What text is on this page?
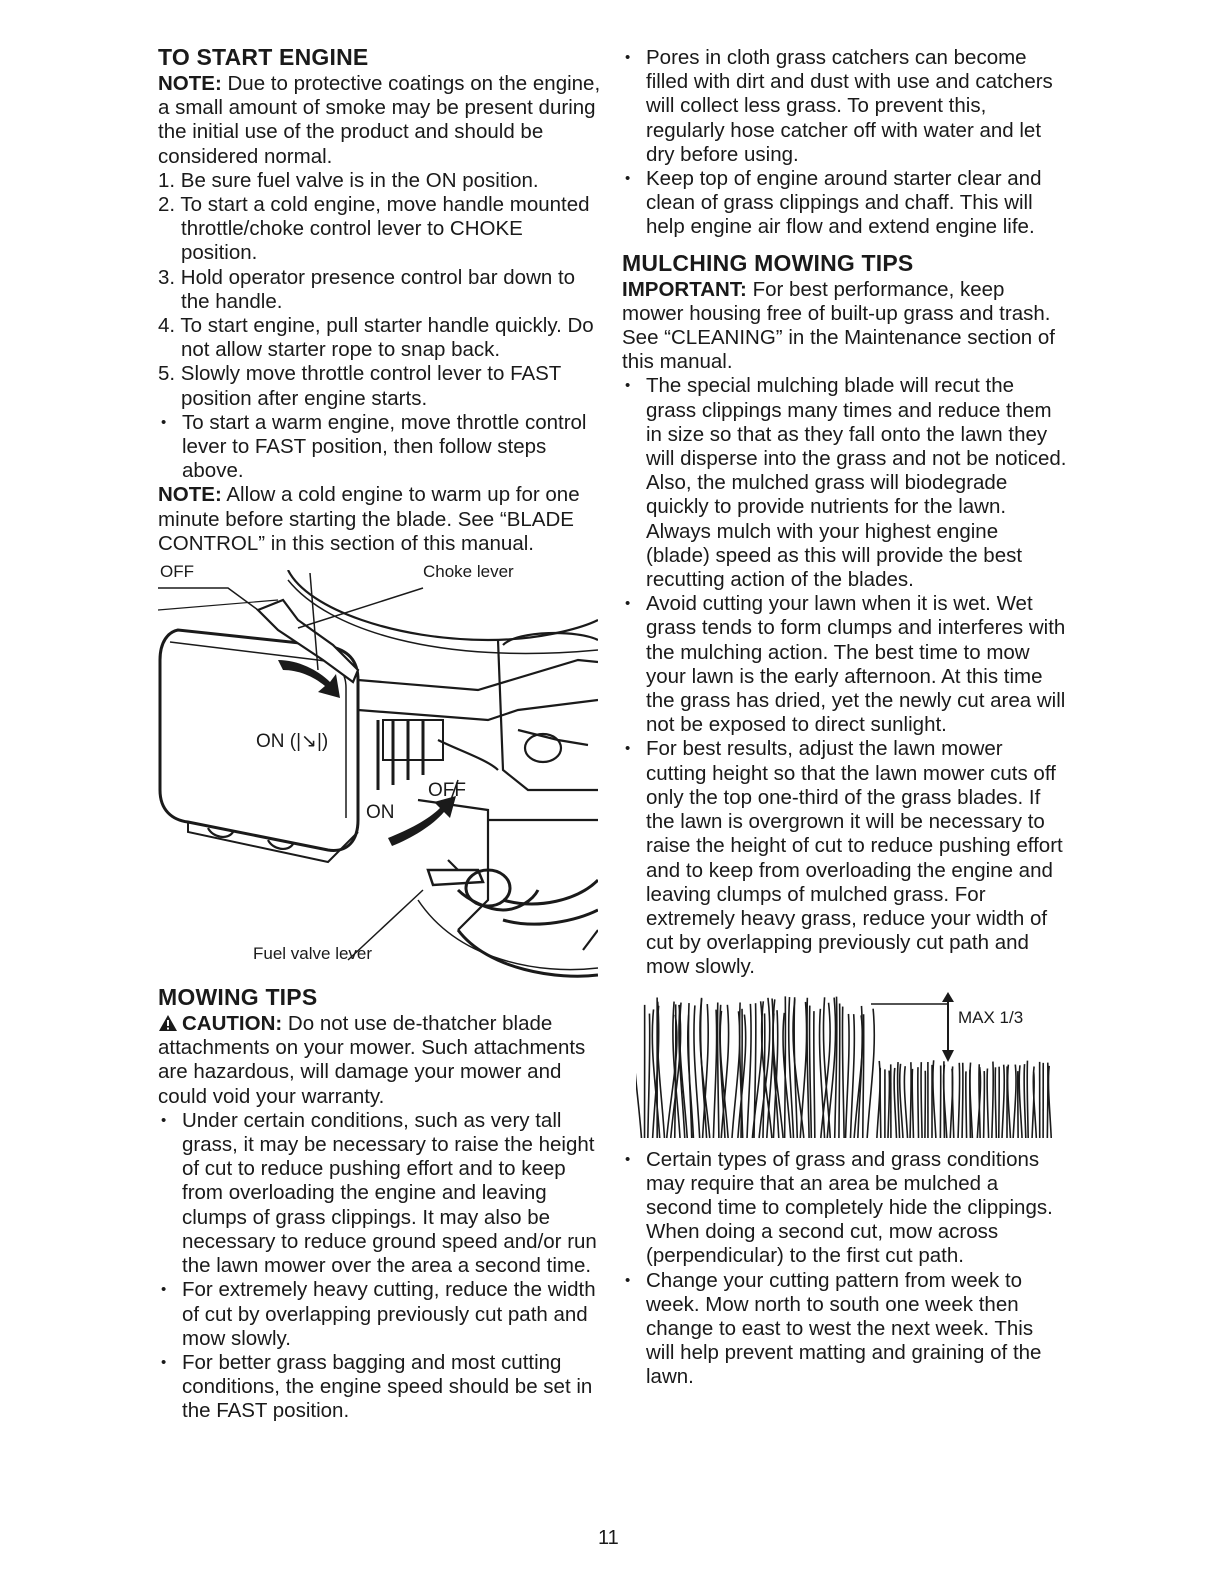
TO START ENGINE

NOTE: Due to protective coatings on the engine, a small amount of smoke may be present during the initial use of the product and should be considered normal.

1. Be sure fuel valve is in the ON position.
2. To start a cold engine, move handle mounted throttle/choke control lever to CHOKE position.
3. Hold operator presence control bar down to the handle.
4. To start engine, pull starter handle quickly. Do not allow starter rope to snap back.
5. Slowly move throttle control lever to FAST position after engine starts.
• To start a warm engine, move throttle control lever to FAST position, then follow steps above.

NOTE: Allow a cold engine to warm up for one minute before starting the blade. See “BLADE CONTROL” in this section of this manual.

OFF	Choke lever
ON (|↘|)
OFF
ON
Fuel valve lever
MOWING TIPS

CAUTION: Do not use de-thatcher blade attachments on your mower. Such attachments are hazardous, will damage your mower and could void your warranty.

• Under certain conditions, such as very tall grass, it may be necessary to raise the height of cut to reduce pushing effort and to keep from overloading the engine and leaving clumps of grass clippings. It may also be necessary to reduce ground speed and/or run the lawn mower over the area a second time.
• For extremely heavy cutting, reduce the width of cut by overlapping previously cut path and mow slowly.
• For better grass bagging and most cutting conditions, the engine speed should be set in the FAST position.
• Pores in cloth grass catchers can become filled with dirt and dust with use and catchers will collect less grass. To prevent this, regularly hose catcher off with water and let dry before using.
• Keep top of engine around starter clear and clean of grass clippings and chaff. This will help engine air flow and extend engine life.
MULCHING MOWING TIPS

IMPORTANT: For best performance, keep mower housing free of built-up grass and trash. See “CLEANING” in the Maintenance section of this manual.

• The special mulching blade will recut the grass clippings many times and reduce them in size so that as they fall onto the lawn they will disperse into the grass and not be noticed. Also, the mulched grass will biodegrade quickly to provide nutrients for the lawn. Always mulch with your highest engine (blade) speed as this will provide the best recutting action of the blades.
• Avoid cutting your lawn when it is wet. Wet grass tends to form clumps and interferes with the mulching action. The best time to mow your lawn is the early afternoon. At this time the grass has dried, yet the newly cut area will not be exposed to direct sunlight.
• For best results, adjust the lawn mower cutting height so that the lawn mower cuts off only the top one-third of the grass blades. If the lawn is overgrown it will be necessary to raise the height of cut to reduce pushing effort and to keep from overloading the engine and leaving clumps of mulched grass. For extremely heavy grass, reduce your width of cut by overlapping previously cut path and mow slowly.
MAX 1/3
• Certain types of grass and grass conditions may require that an area be mulched a second time to completely hide the clippings. When doing a second cut, mow across (perpendicular) to the first cut path.
• Change your cutting pattern from week to week. Mow north to south one week then change to east to west the next week. This will help prevent matting and graining of the lawn.
11
